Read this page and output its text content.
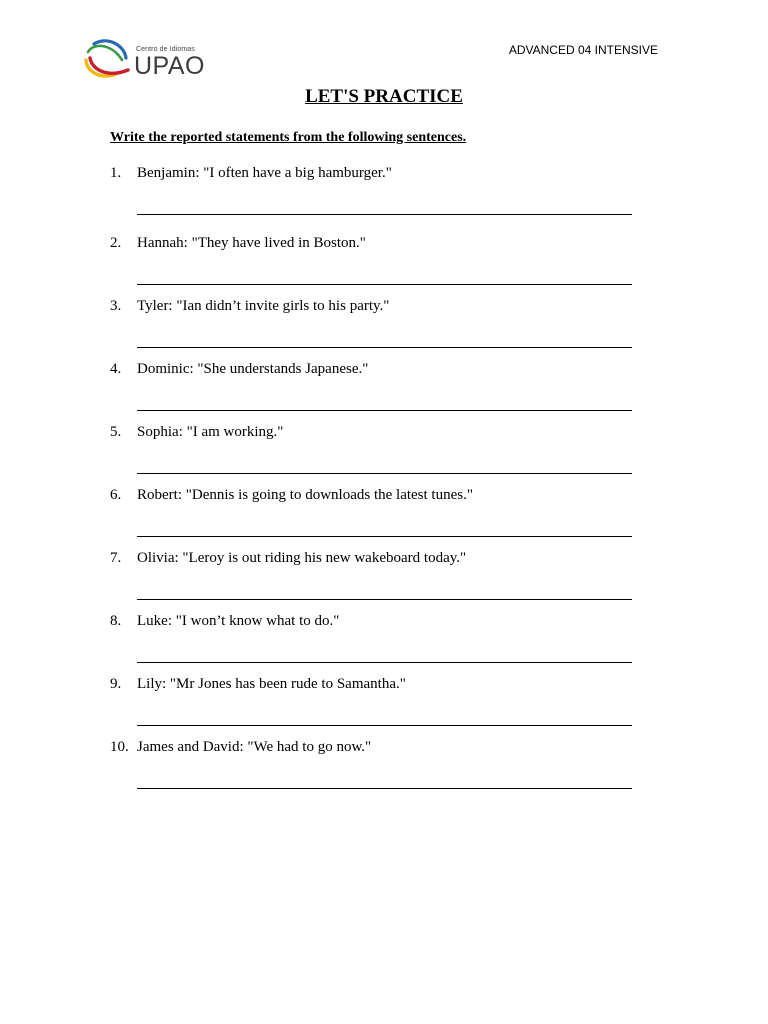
Centro de Idiomas
UPAO
ADVANCED 04 INTENSIVE
LET'S PRACTICE
Write the reported statements from the following sentences.
1. Benjamin: "I often have a big hamburger."
2. Hannah: "They have lived in Boston."
3. Tyler: "Ian didn’t invite girls to his party."
4. Dominic: "She understands Japanese."
5. Sophia: "I am working."
6. Robert: "Dennis is going to downloads the latest tunes."
7. Olivia: "Leroy is out riding his new wakeboard today."
8. Luke: "I won’t know what to do."
9. Lily: "Mr Jones has been rude to Samantha."
10. James and David: "We had to go now."
